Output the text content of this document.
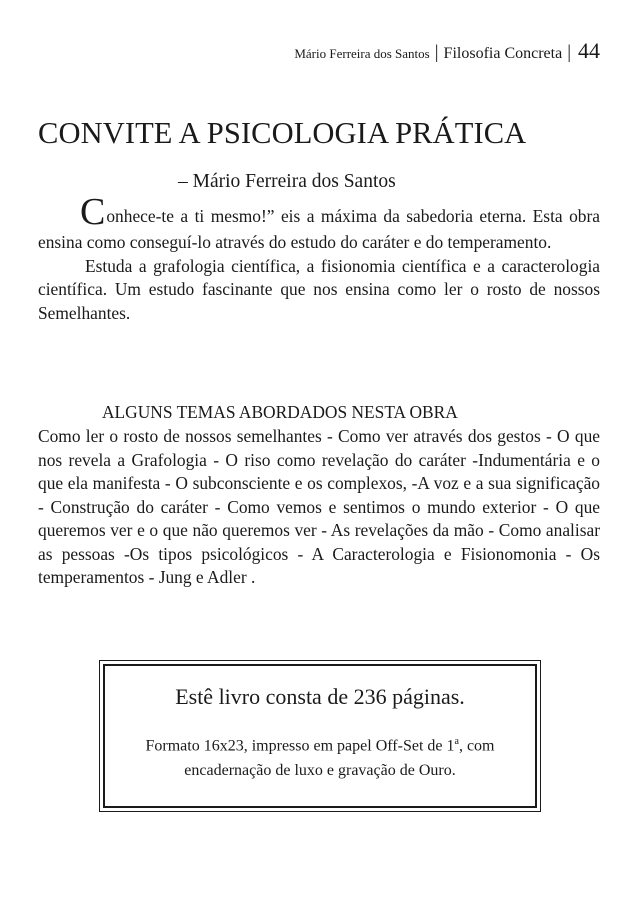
Mário Ferreira dos Santos | Filosofia Concreta | 44
CONVITE A PSICOLOGIA PRÁTICA
– Mário Ferreira dos Santos

Conhece-te a ti mesmo!” eis a máxima da sabedoria eterna. Esta obra ensina como conseguí-lo através do estudo do caráter e do temperamento.

Estuda a grafologia científica, a fisionomia científica e a caracterologia científica. Um estudo fascinante que nos ensina como ler o rosto de nossos Semelhantes.

ALGUNS TEMAS ABORDADOS NESTA OBRA

Como ler o rosto de nossos semelhantes - Como ver através dos gestos - O que nos revela a Grafologia - O riso como revelação do caráter -Indumentária e o que ela manifesta - O subconsciente e os complexos, -A voz e a sua significação - Construção do caráter - Como vemos e sentimos o mundo exterior - O que queremos ver e o que não queremos ver - As revelações da mão - Como analisar as pessoas -Os tipos psicológicos - A Caracterologia e Fisionomonia - Os temperamentos - Jung e Adler .

Estê livro consta de 236 páginas.
Formato 16x23, impresso em papel Off-Set de 1$^a$, com encadernação de luxo e gravação de Ouro.
